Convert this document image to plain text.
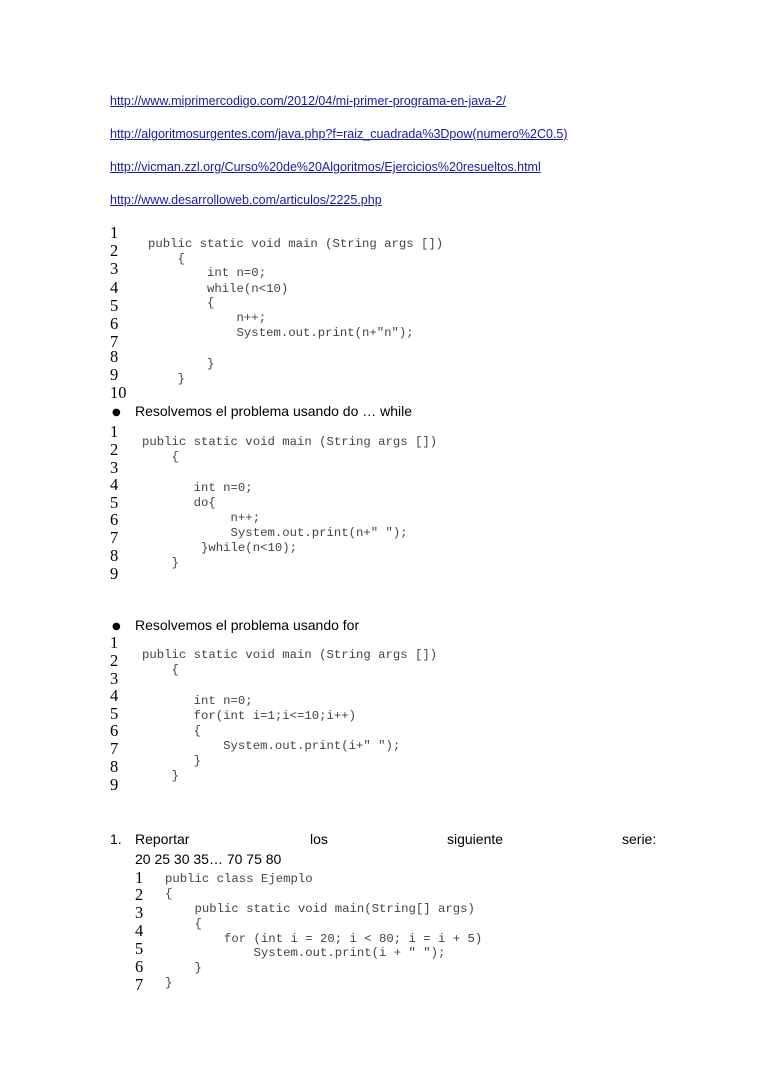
http://www.miprimercodigo.com/2012/04/mi-primer-programa-en-java-2/
http://algoritmosurgentes.com/java.php?f=raiz_cuadrada%3Dpow(numero%2C0.5)
http://vicman.zzl.org/Curso%20de%20Algoritmos/Ejercicios%20resueltos.html
http://www.desarrolloweb.com/articulos/2225.php
1
2
3
4
5
6
7
8
9
10
public static void main (String args [])
{
int n=0;
while(n<10)
{
n++;
System.out.print(n+"n");
}
}
● Resolvemos el problema usando do … while
1
2
3
4
5
6
7
8
9
public static void main (String args [])
{
int n=0;
do{
n++;
System.out.print(n+" ");
}while(n<10);
}
● Resolvemos el problema usando for
1
2
3
4
5
6
7
8
9
public static void main (String args [])
{
int n=0;
for(int i=1;i<=10;i++)
{
System.out.print(i+" ");
}
}
1. Reportar	los	siguiente	serie:
20 25 30 35… 70 75 80
1
2
3
4
5
6
7
public class Ejemplo
{
public static void main(String[] args)
{
for (int i = 20; i < 80; i = i + 5)
System.out.print(i + " ");
}
}
